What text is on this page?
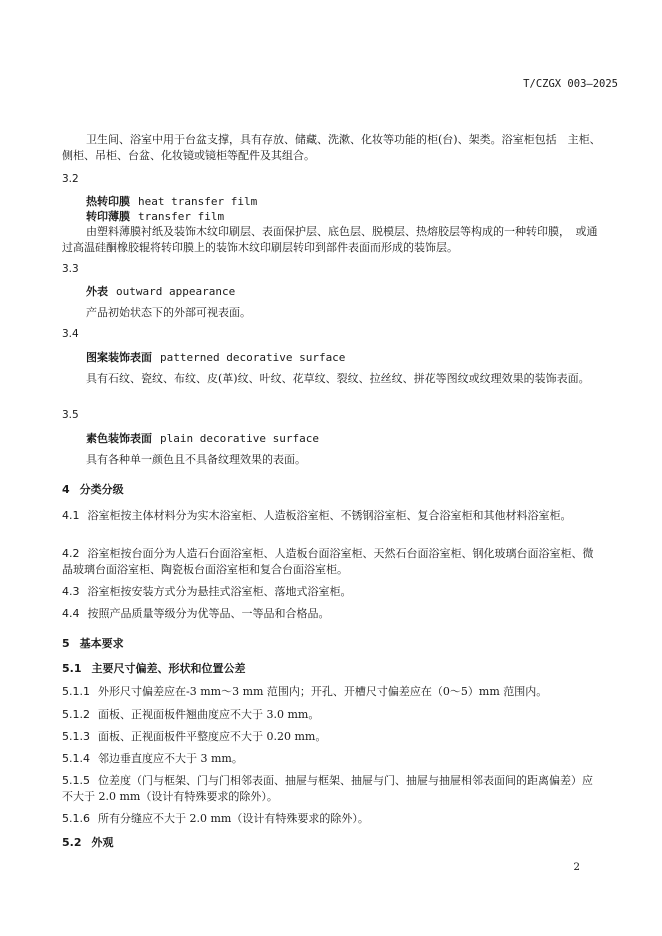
T/CZGX 003—2025
卫生间、浴室中用于台盆支撑，具有存放、储藏、洗漱、化妆等功能的柜(台)、架类。浴室柜包括　主柜、侧柜、吊柜、台盆、化妆镜或镜柜等配件及其组合。
3.2
热转印膜 heat transfer film
转印薄膜 transfer film
由塑料薄膜衬纸及装饰木纹印刷层、表面保护层、底色层、脱模层、热熔胶层等构成的一种转印膜，　或通过高温硅酮橡胶辊将转印膜上的装饰木纹印刷层转印到部件表面而形成的装饰层。
3.3
外表 outward appearance
产品初始状态下的外部可视表面。
3.4
图案装饰表面 patterned decorative surface
具有石纹、瓷纹、布纹、皮(革)纹、叶纹、花草纹、裂纹、拉丝纹、拼花等图纹或纹理效果的装饰表面。
3.5
素色装饰表面 plain decorative surface
具有各种单一颜色且不具备纹理效果的表面。
4 分类分级
4.1 浴室柜按主体材料分为实木浴室柜、人造板浴室柜、不锈钢浴室柜、复合浴室柜和其他材料浴室柜。
4.2 浴室柜按台面分为人造石台面浴室柜、人造板台面浴室柜、天然石台面浴室柜、钢化玻璃台面浴室柜、微晶玻璃台面浴室柜、陶瓷板台面浴室柜和复合台面浴室柜。
4.3 浴室柜按安装方式分为悬挂式浴室柜、落地式浴室柜。
4.4 按照产品质量等级分为优等品、一等品和合格品。
5 基本要求
5.1 主要尺寸偏差、形状和位置公差
5.1.1 外形尺寸偏差应在-3 mm～3 mm 范围内；开孔、开槽尺寸偏差应在（0～5）mm 范围内。
5.1.2 面板、正视面板件翘曲度应不大于 3.0 mm。
5.1.3 面板、正视面板件平整度应不大于 0.20 mm。
5.1.4 邻边垂直度应不大于 3 mm。
5.1.5 位差度（门与框架、门与门相邻表面、抽屉与框架、抽屉与门、抽屉与抽屉相邻表面间的距离偏差）应不大于 2.0 mm（设计有特殊要求的除外）。
5.1.6 所有分缝应不大于 2.0 mm（设计有特殊要求的除外）。
5.2 外观
2
